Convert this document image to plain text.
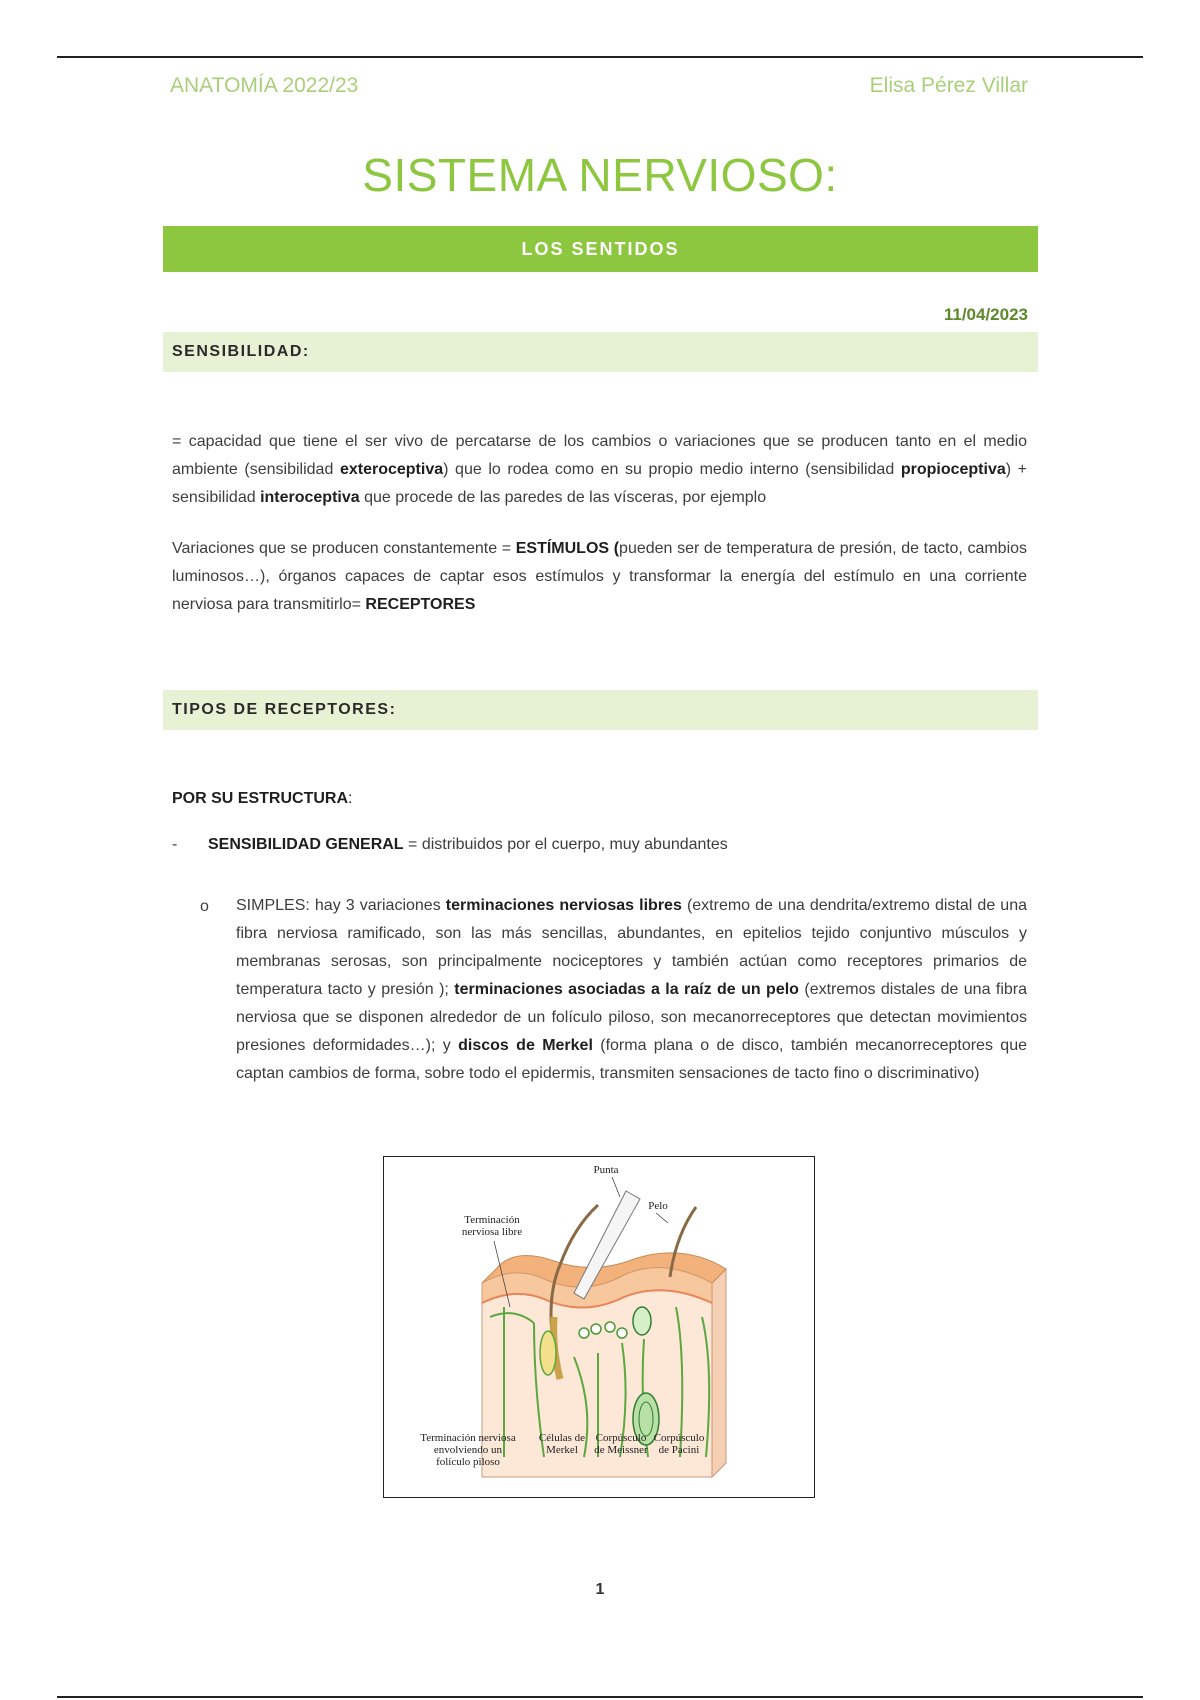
ANATOMÍA 2022/23	Elisa Pérez Villar
SISTEMA NERVIOSO:
LOS SENTIDOS
11/04/2023
SENSIBILIDAD:

= capacidad que tiene el ser vivo de percatarse de los cambios o variaciones que se producen tanto en el medio ambiente (sensibilidad exteroceptiva) que lo rodea como en su propio medio interno (sensibilidad propioceptiva) + sensibilidad interoceptiva que procede de las paredes de las vísceras, por ejemplo

Variaciones que se producen constantemente = ESTÍMULOS (pueden ser de temperatura de presión, de tacto, cambios luminosos…), órganos capaces de captar esos estímulos y transformar la energía del estímulo en una corriente nerviosa para transmitirlo= RECEPTORES

TIPOS DE RECEPTORES:
POR SU ESTRUCTURA:
- SENSIBILIDAD GENERAL = distribuidos por el cuerpo, muy abundantes
o SIMPLES: hay 3 variaciones terminaciones nerviosas libres (extremo de una dendrita/extremo distal de una fibra nerviosa ramificado, son las más sencillas, abundantes, en epitelios tejido conjuntivo músculos y membranas serosas, son principalmente nociceptores y también actúan como receptores primarios de temperatura tacto y presión ); terminaciones asociadas a la raíz de un pelo (extremos distales de una fibra nerviosa que se disponen alrededor de un folículo piloso, son mecanorreceptores que detectan movimientos presiones deformidades…); y discos de Merkel (forma plana o de disco, también mecanorreceptores que captan cambios de forma, sobre todo el epidermis, transmiten sensaciones de tacto fino o discriminativo)

Punta
Pelo
Terminación
nerviosa libre
Terminación nerviosa
envolviendo un
folículo piloso
Células de
Merkel
Corpúsculo
de Meissner
Corpúsculo
de Pacini
1
